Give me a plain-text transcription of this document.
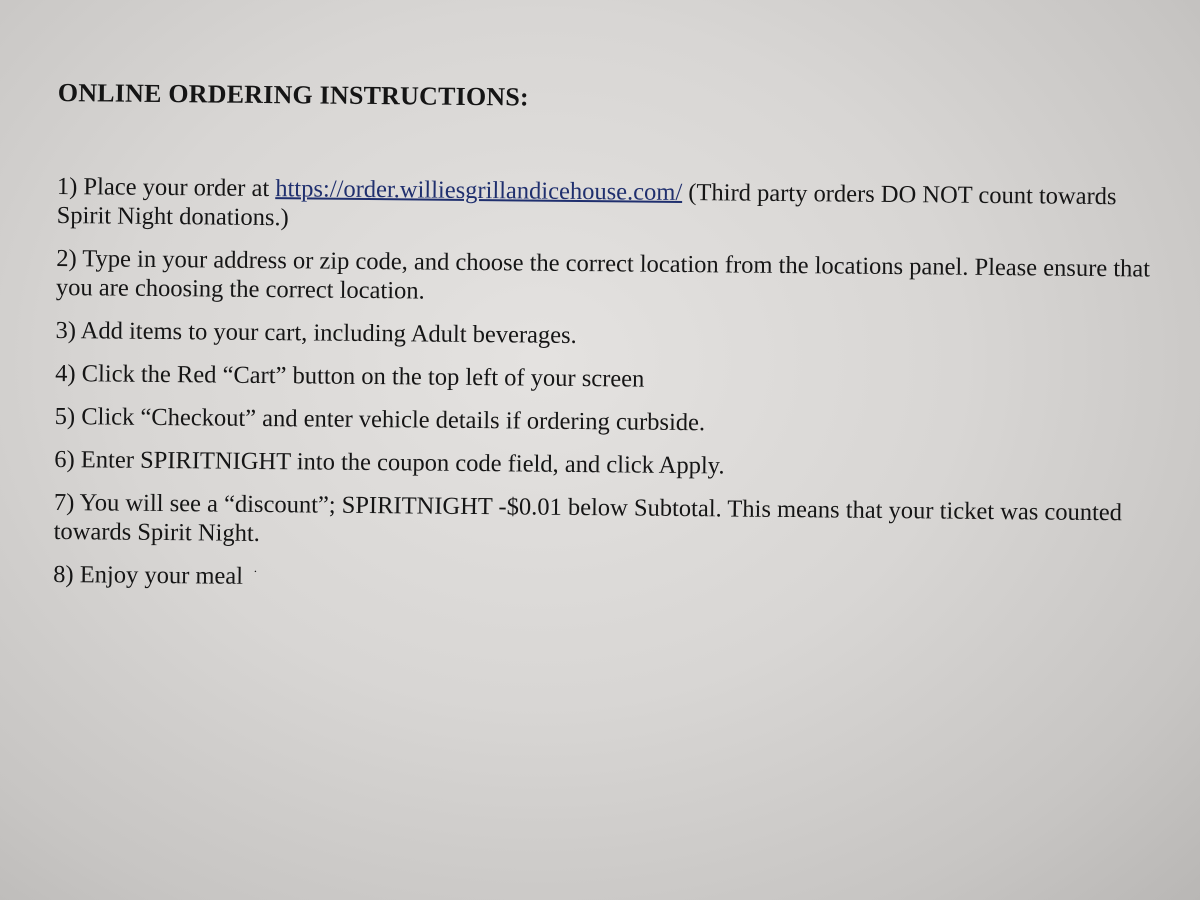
ONLINE ORDERING INSTRUCTIONS:
1) Place your order at https://order.williesgrillandicehouse.com/ (Third party orders DO NOT count towards Spirit Night donations.)
2) Type in your address or zip code, and choose the correct location from the locations panel. Please ensure that you are choosing the correct location.
3) Add items to your cart, including Adult beverages.
4) Click the Red “Cart” button on the top left of your screen
5) Click “Checkout” and enter vehicle details if ordering curbside.
6) Enter SPIRITNIGHT into the coupon code field, and click Apply.
7) You will see a “discount”; SPIRITNIGHT -$0.01 below Subtotal. This means that your ticket was counted towards Spirit Night.
8) Enjoy your meal ˙
